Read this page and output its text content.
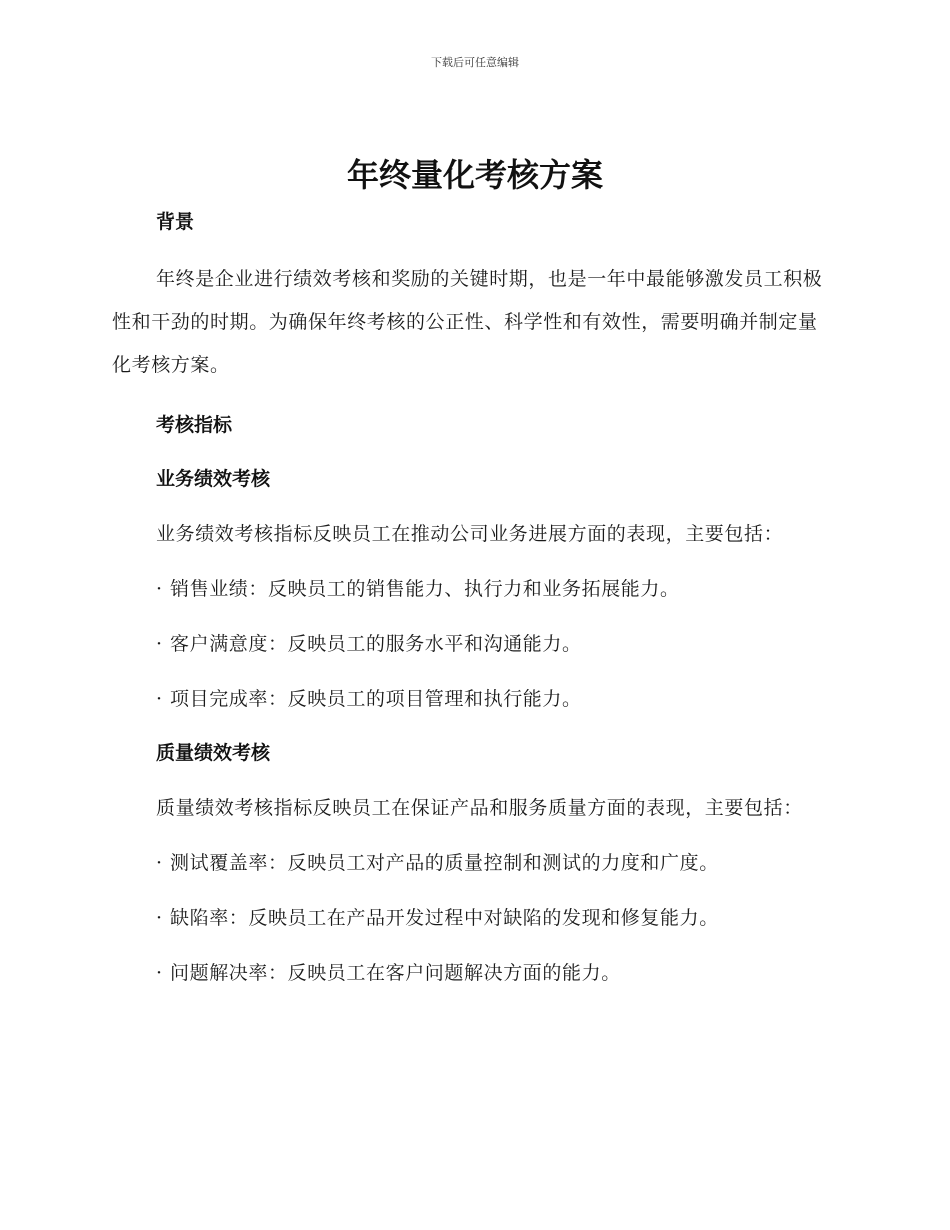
下载后可任意编辑
年终量化考核方案
背景

年终是企业进行绩效考核和奖励的关键时期，也是一年中最能够激发员工积极性和干劲的时期。为确保年终考核的公正性、科学性和有效性，需要明确并制定量化考核方案。

考核指标
业务绩效考核

业务绩效考核指标反映员工在推动公司业务进展方面的表现，主要包括：

· 销售业绩：反映员工的销售能力、执行力和业务拓展能力。

· 客户满意度：反映员工的服务水平和沟通能力。

· 项目完成率：反映员工的项目管理和执行能力。

质量绩效考核

质量绩效考核指标反映员工在保证产品和服务质量方面的表现，主要包括：

· 测试覆盖率：反映员工对产品的质量控制和测试的力度和广度。

· 缺陷率：反映员工在产品开发过程中对缺陷的发现和修复能力。

· 问题解决率：反映员工在客户问题解决方面的能力。
